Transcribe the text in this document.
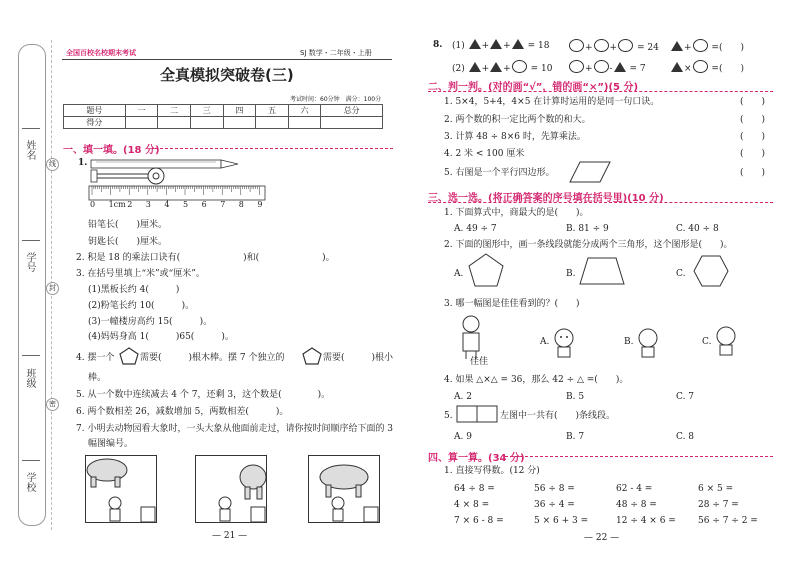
姓名
学号
班级
学校
线
封
密
全国百校名校期末考试	SJ 数学・二年级・上册
全真模拟突破卷(三)
考试时间：60分钟　满分：100分
题号	一	二	三	四	五	六	总分
得分							
一、填一填。(18 分)
1.
0 1cm 2 3 4 5 6 7 8 9
铅笔长(　　)厘米。
钥匙长(　　)厘米。
2. 积是 18 的乘法口诀有(　　　　　　　)和(　　　　　　　)。
3. 在括号里填上“米”或“厘米”。
(1)黑板长约 4(　　　)
(2)粉笔长约 10(　　　)。
(3)一幢楼房高约 15(　　　)。
(4)妈妈身高 1(　　　)65(　　　)。
4. 摆一个	需要(　　　)根木棒。摆 7 个独立的	需要(　　　)根小
棒。
5. 从一个数中连续减去 4 个 7，还剩 3，这个数是(　　　　)。
6. 两个数相差 26，减数增加 5，两数相差(　　　)。
7. 小明去动物园看大象时，一头大象从他面前走过，请你按时间顺序给下面的 3
幅图编号。
— 21 —
8. (1) + + = 18	+ + = 24	+ =(　　)
(2) + + = 10	+ - = 7	× =(　　)
二、判一判。(对的画“√”，错的画“×”)(5 分)
1. 5×4，5+4，4×5 在计算时运用的是同一句口诀。
2. 两个数的积一定比两个数的和大。
3. 计算 48 ÷ 8×6 时，先算乘法。
4. 2 米 < 100 厘米
5. 右图是一个平行四边形。
(　　)
(　　)
(　　)
(　　)
(　　)
三、选一选。(将正确答案的序号填在括号里)(10 分)
1. 下面算式中，商最大的是(　　)。
A. 49 ÷ 7	B. 81 ÷ 9	C. 40 ÷ 8
2. 下面的图形中，画一条线段就能分成两个三角形，这个图形是(　　)。
A.	B.	C.
3. 哪一幅图是佳佳看到的？(　　)
佳佳
A.	B.	C.
4. 如果 △×△ = 36，那么 42 ÷ △ =(　　)。
A. 2	B. 5	C. 7
5.	左图中一共有(　　)条线段。
A. 9	B. 7	C. 8
四、算一算。(34 分)
1. 直接写得数。(12 分)
64 ÷ 8 =	56 ÷ 8 =	62 - 4 =	6 × 5 =
4 × 8 =	36 ÷ 4 =	48 ÷ 8 =	28 ÷ 7 =
7 × 6 - 8 =	5 × 6 + 3 =	12 ÷ 4 × 6 = 56 ÷ 7 ÷ 2 =
— 22 —
